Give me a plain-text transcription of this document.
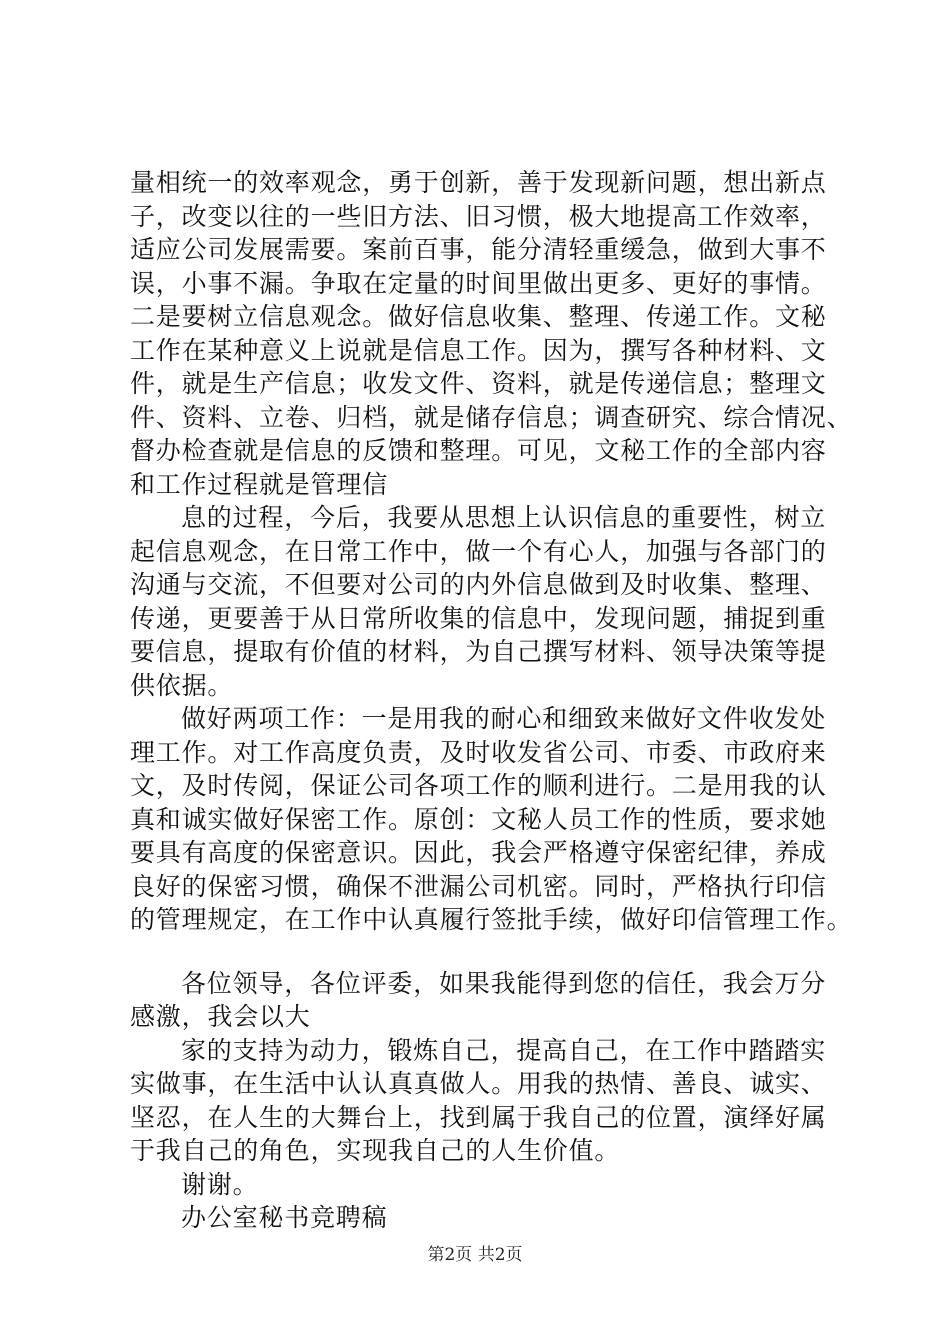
量相统一的效率观念，勇于创新，善于发现新问题，想出新点
子，改变以往的一些旧方法、旧习惯，极大地提高工作效率，
适应公司发展需要。案前百事，能分清轻重缓急，做到大事不
误，小事不漏。争取在定量的时间里做出更多、更好的事情。
二是要树立信息观念。做好信息收集、整理、传递工作。文秘
工作在某种意义上说就是信息工作。因为，撰写各种材料、文
件，就是生产信息；收发文件、资料，就是传递信息；整理文
件、资料、立卷、归档，就是储存信息；调查研究、综合情况、
督办检查就是信息的反馈和整理。可见，文秘工作的全部内容
和工作过程就是管理信
息的过程，今后，我要从思想上认识信息的重要性，树立
起信息观念，在日常工作中，做一个有心人，加强与各部门的
沟通与交流，不但要对公司的内外信息做到及时收集、整理、
传递，更要善于从日常所收集的信息中，发现问题，捕捉到重
要信息，提取有价值的材料，为自己撰写材料、领导决策等提
供依据。
做好两项工作：一是用我的耐心和细致来做好文件收发处
理工作。对工作高度负责，及时收发省公司、市委、市政府来
文，及时传阅，保证公司各项工作的顺利进行。二是用我的认
真和诚实做好保密工作。原创：文秘人员工作的性质，要求她
要具有高度的保密意识。因此，我会严格遵守保密纪律，养成
良好的保密习惯，确保不泄漏公司机密。同时，严格执行印信
的管理规定，在工作中认真履行签批手续，做好印信管理工作。
各位领导，各位评委，如果我能得到您的信任，我会万分
感激，我会以大
家的支持为动力，锻炼自己，提高自己，在工作中踏踏实
实做事，在生活中认认真真做人。用我的热情、善良、诚实、
坚忍，在人生的大舞台上，找到属于我自己的位置，演绎好属
于我自己的角色，实现我自己的人生价值。
谢谢。
办公室秘书竞聘稿
第2页 共2页
